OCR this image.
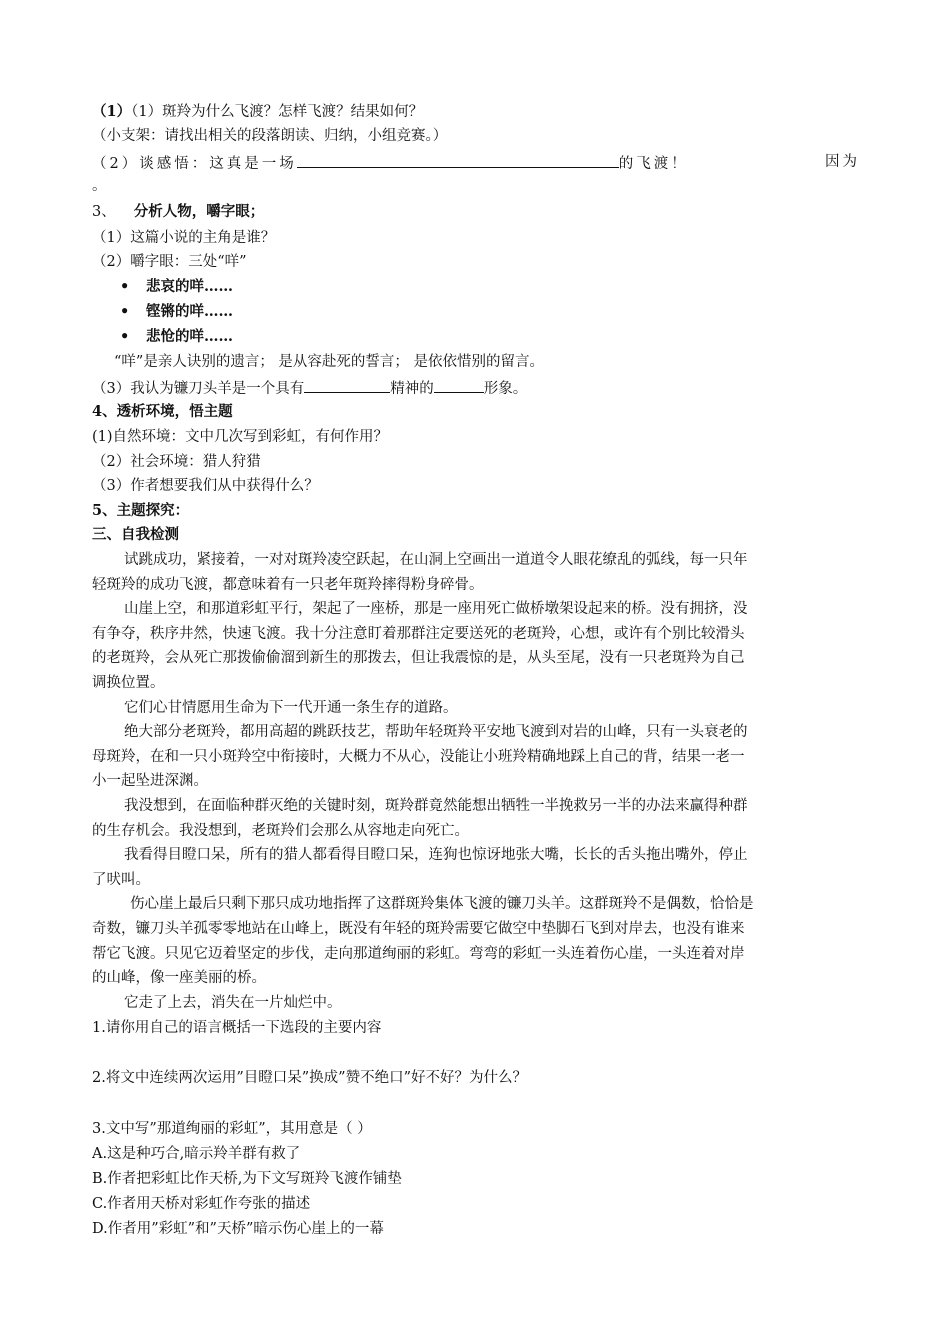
（1）（1）斑羚为什么飞渡？怎样飞渡？结果如何？
（小支架：请找出相关的段落朗读、归纳，小组竞赛。）
（2）谈感悟：这真是一场	的飞渡！	因为
。
3、 分析人物，嚼字眼；
（1）这篇小说的主角是谁？
（2）嚼字眼：三处“咩”
• 悲哀的咩……
• 铿锵的咩……
• 悲怆的咩……
“咩”是亲人诀别的遗言； 是从容赴死的誓言； 是依依惜别的留言。
（3）我认为镰刀头羊是一个具有	精神的	形象。
4、透析环境，悟主题
(1)自然环境：文中几次写到彩虹，有何作用？
（2）社会环境：猎人狩猎
（3）作者想要我们从中获得什么？
5、主题探究：
三、自我检测
试跳成功，紧接着，一对对斑羚凌空跃起，在山洞上空画出一道道令人眼花缭乱的弧线，每一只年
轻斑羚的成功飞渡，都意味着有一只老年斑羚摔得粉身碎骨。
山崖上空，和那道彩虹平行，架起了一座桥，那是一座用死亡做桥墩架设起来的桥。没有拥挤，没
有争夺，秩序井然，快速飞渡。我十分注意盯着那群注定要送死的老斑羚，心想，或许有个别比较滑头
的老斑羚，会从死亡那拨偷偷溜到新生的那拨去，但让我震惊的是，从头至尾，没有一只老斑羚为自己
调换位置。
它们心甘情愿用生命为下一代开通一条生存的道路。
绝大部分老斑羚，都用高超的跳跃技艺，帮助年轻斑羚平安地飞渡到对岩的山峰，只有一头衰老的
母斑羚，在和一只小斑羚空中衔接时，大概力不从心，没能让小班羚精确地踩上自己的背，结果一老一
小一起坠进深渊。
我没想到，在面临种群灭绝的关键时刻，斑羚群竟然能想出牺牲一半挽救另一半的办法来赢得种群
的生存机会。我没想到，老斑羚们会那么从容地走向死亡。
我看得目瞪口呆，所有的猎人都看得目瞪口呆，连狗也惊讶地张大嘴，长长的舌头拖出嘴外，停止
了吠叫。
伤心崖上最后只剩下那只成功地指挥了这群斑羚集体飞渡的镰刀头羊。这群斑羚不是偶数，恰恰是
奇数，镰刀头羊孤零零地站在山峰上，既没有年轻的斑羚需要它做空中垫脚石飞到对岸去，也没有谁来
帮它飞渡。只见它迈着坚定的步伐，走向那道绚丽的彩虹。弯弯的彩虹一头连着伤心崖，一头连着对岸
的山峰，像一座美丽的桥。
它走了上去，消失在一片灿烂中。
1.请你用自己的语言概括一下选段的主要内容
2.将文中连续两次运用”目瞪口呆”换成”赞不绝口”好不好？为什么？
3.文中写”那道绚丽的彩虹”，其用意是（ ）
A.这是种巧合,暗示羚羊群有救了
B.作者把彩虹比作天桥,为下文写斑羚飞渡作铺垫
C.作者用天桥对彩虹作夸张的描述
D.作者用”彩虹”和”天桥”暗示伤心崖上的一幕
